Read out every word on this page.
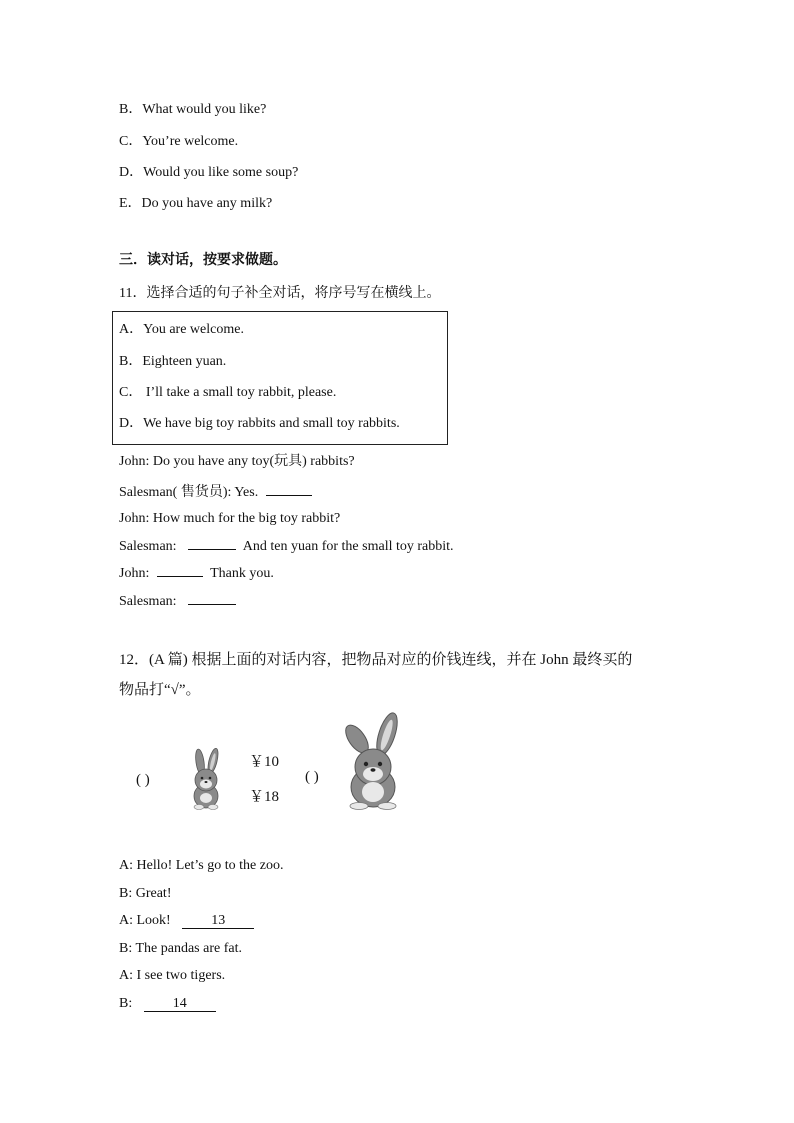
B．What would you like?
C．You’re welcome.
D．Would you like some soup?
E．Do you have any milk?
三．读对话，按要求做题。
11．选择合适的句子补全对话，将序号写在横线上。
A．You are welcome.
B．Eighteen yuan.
C． I’ll take a small toy rabbit, please.
D．We have big toy rabbits and small toy rabbits.
John: Do you have any toy(玩具) rabbits?
Salesman( 售货员): Yes.
John: How much for the big toy rabbit?
Salesman:	And ten yuan for the small toy rabbit.
John:	Thank you.
Salesman:
12．(A 篇) 根据上面的对话内容，把物品对应的价钱连线，并在 John 最终买的
物品打“√”。
( )	( )
￥10
￥18
A: Hello! Let’s go to the zoo.
B: Great!
A: Look!	13
B: The pandas are fat.
A: I see two tigers.
B:	14
